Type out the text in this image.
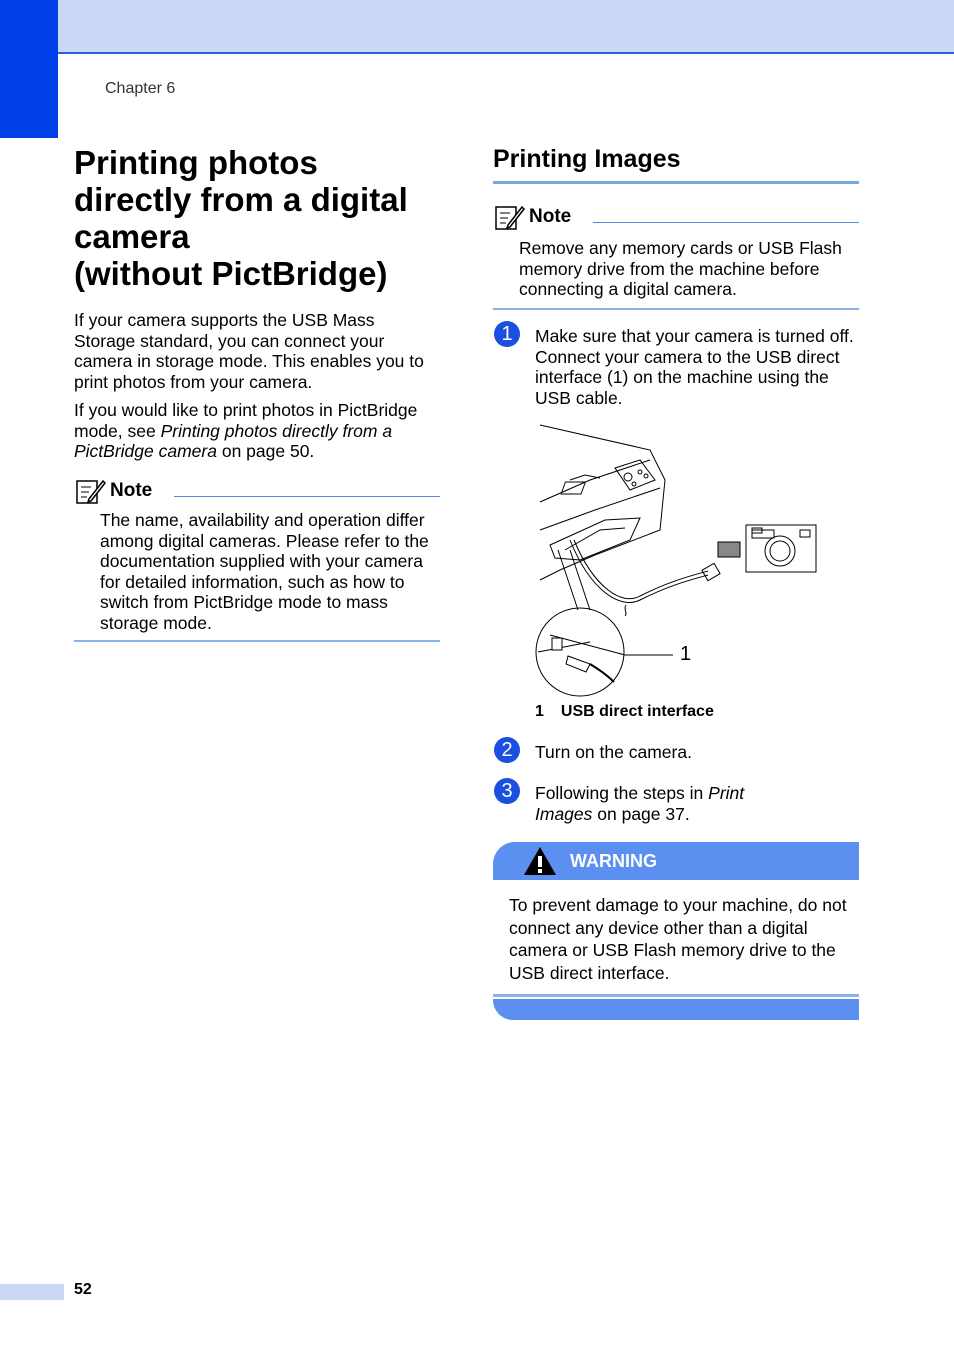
Chapter 6
Printing photos
directly from a digital
camera
(without PictBridge)
If your camera supports the USB Mass Storage standard, you can connect your camera in storage mode. This enables you to print photos from your camera.
If you would like to print photos in PictBridge mode, see Printing photos directly from a PictBridge camera on page 50.
Note
The name, availability and operation differ among digital cameras. Please refer to the documentation supplied with your camera for detailed information, such as how to switch from PictBridge mode to mass storage mode.
Printing Images
Note
Remove any memory cards or USB Flash memory drive from the machine before connecting a digital camera.
1	Make sure that your camera is turned off. Connect your camera to the USB direct interface (1) on the machine using the USB cable.
1
1 USB direct interface
2	Turn on the camera.
3	Following the steps in Print Images on page 37.
WARNING
To prevent damage to your machine, do not connect any device other than a digital camera or USB Flash memory drive to the USB direct interface.
52
